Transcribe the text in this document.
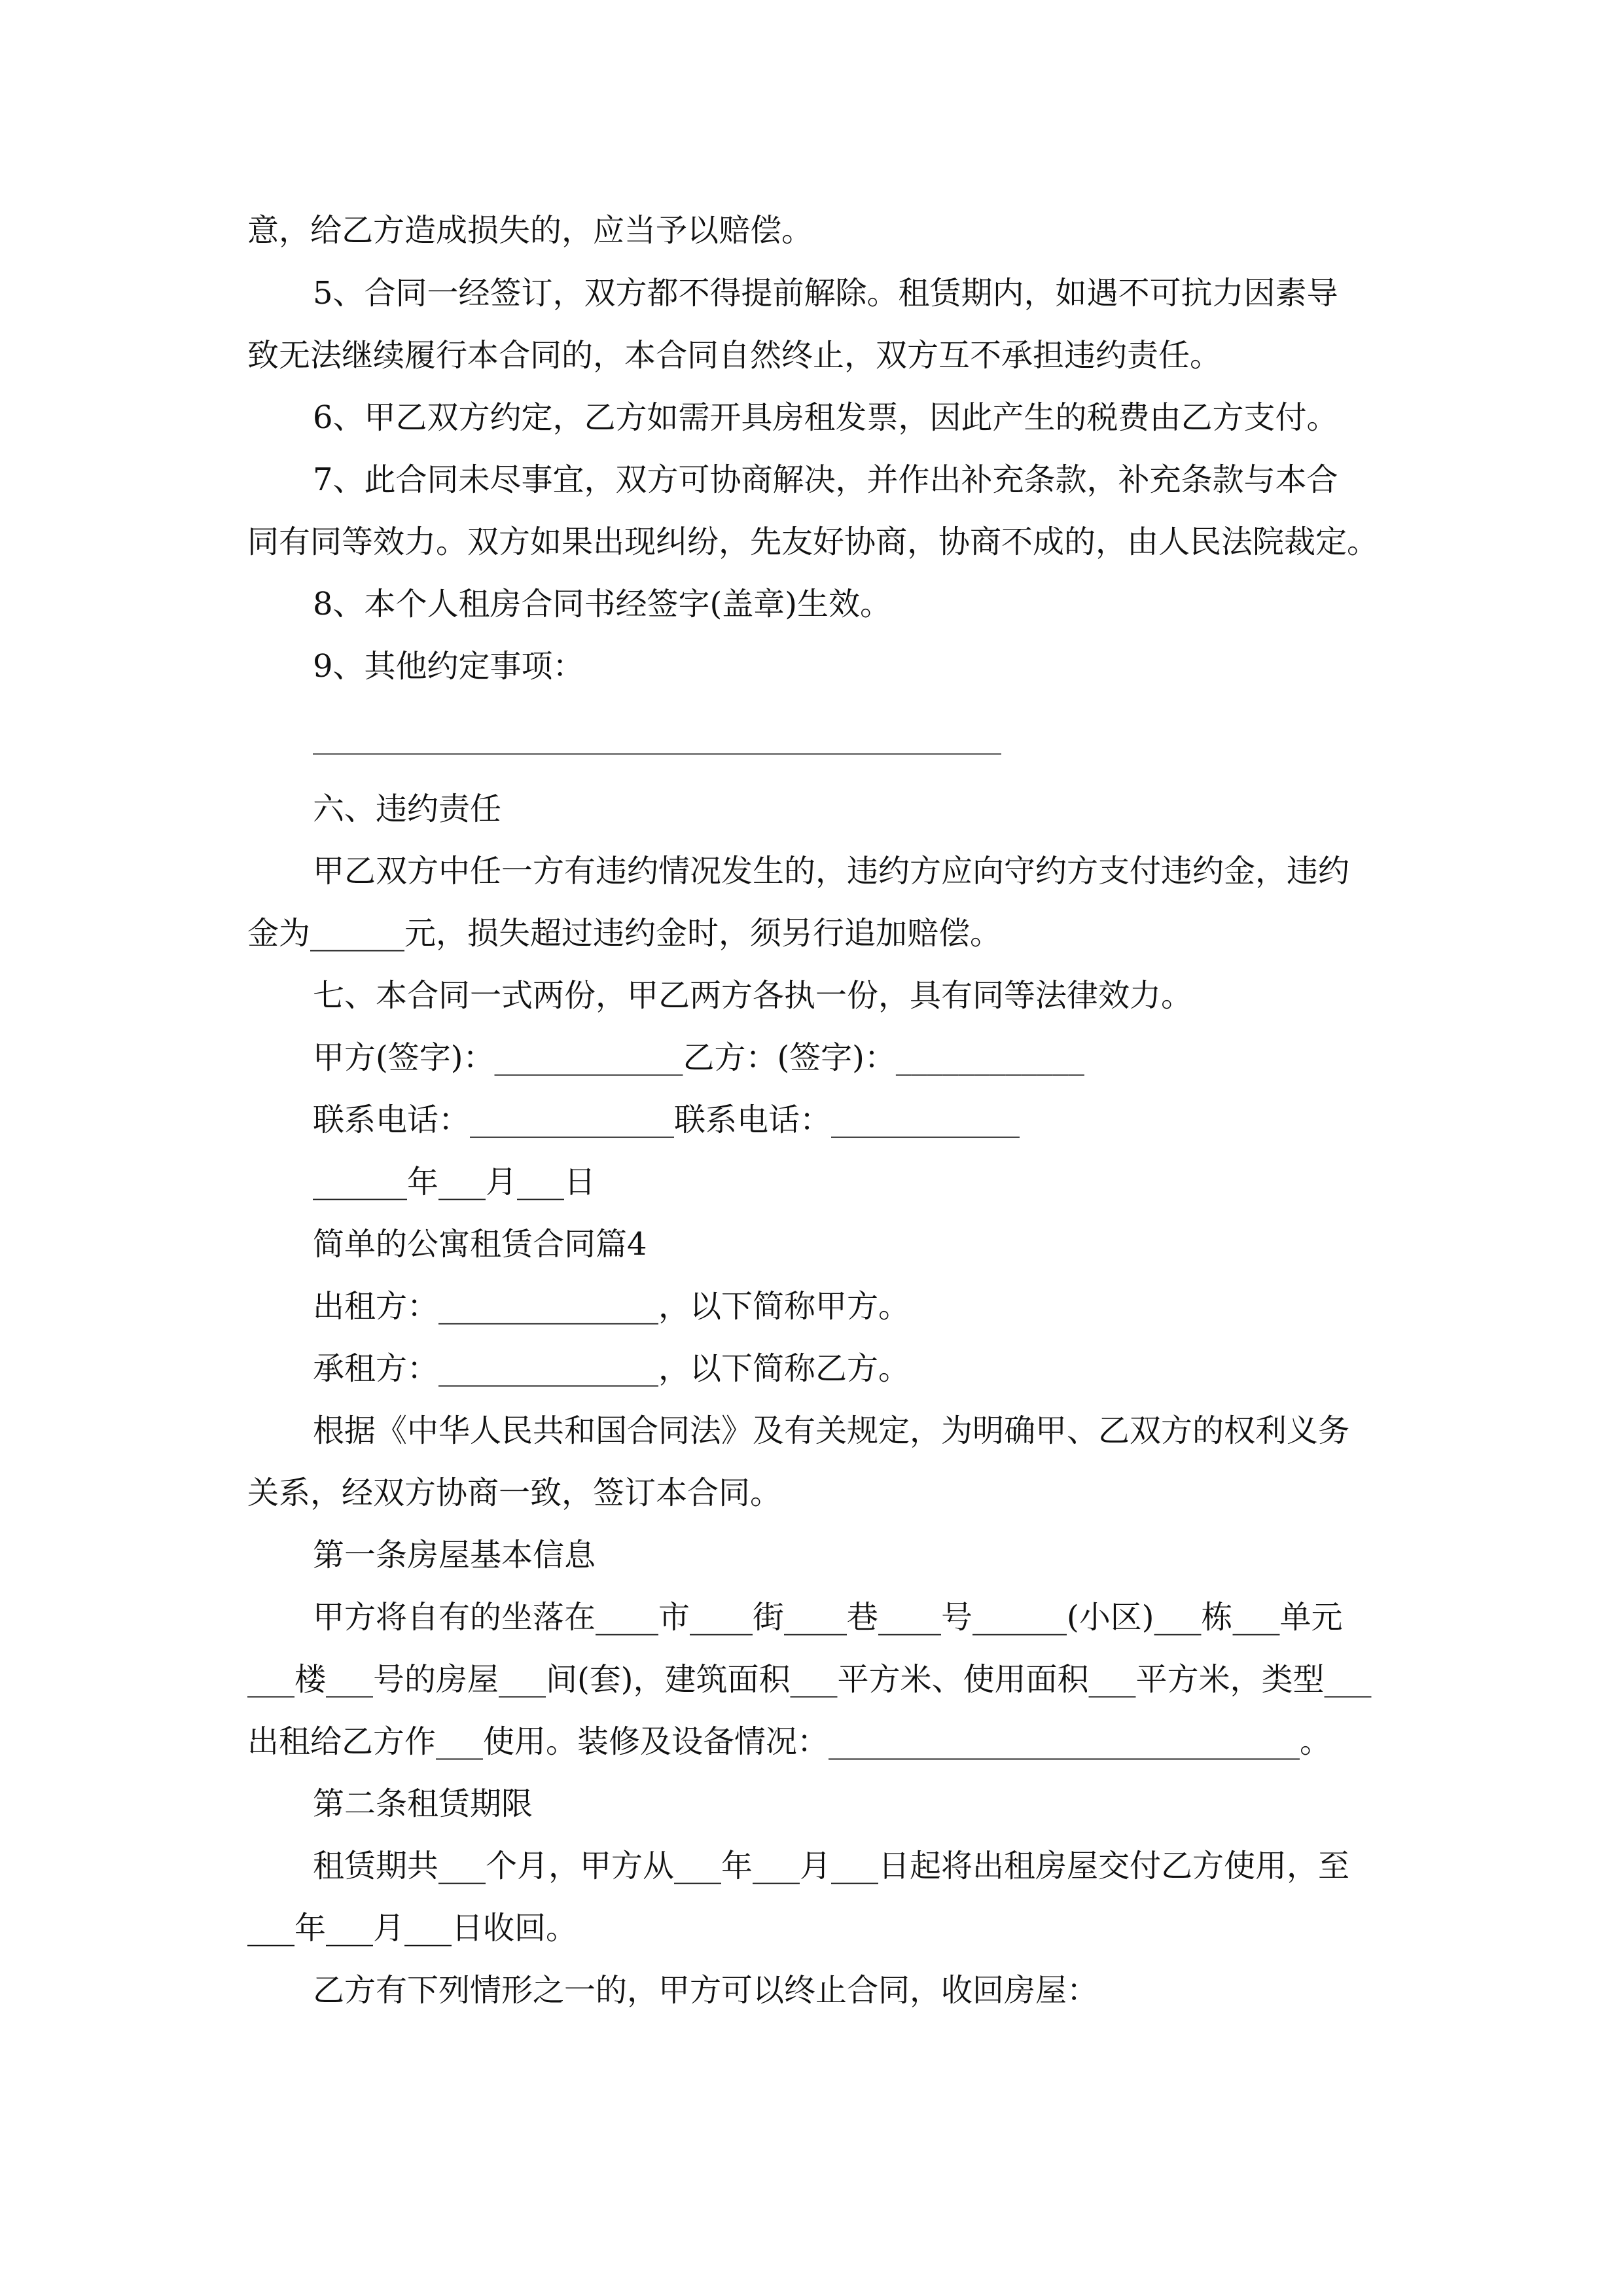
意，给乙方造成损失的，应当予以赔偿。
5、合同一经签订，双方都不得提前解除。租赁期内，如遇不可抗力因素导
致无法继续履行本合同的，本合同自然终止，双方互不承担违约责任。
6、甲乙双方约定，乙方如需开具房租发票，因此产生的税费由乙方支付。
7、此合同未尽事宜，双方可协商解决，并作出补充条款，补充条款与本合
同有同等效力。双方如果出现纠纷，先友好协商，协商不成的，由人民法院裁定。
8、本个人租房合同书经签字(盖章)生效。
9、其他约定事项：
六、违约责任
甲乙双方中任一方有违约情况发生的，违约方应向守约方支付违约金，违约
金为______元，损失超过违约金时，须另行追加赔偿。
七、本合同一式两份，甲乙两方各执一份，具有同等法律效力。
甲方(签字)：____________乙方：(签字)：____________
联系电话：_____________联系电话：____________
______年___月___日
简单的公寓租赁合同篇4
出租方：______________，以下简称甲方。
承租方：______________，以下简称乙方。
根据《中华人民共和国合同法》及有关规定，为明确甲、乙双方的权利义务
关系，经双方协商一致，签订本合同。
第一条房屋基本信息
甲方将自有的坐落在____市____街____巷____号______(小区)___栋___单元
___楼___号的房屋___间(套)，建筑面积___平方米、使用面积___平方米，类型___
出租给乙方作___使用。装修及设备情况：______________________________。
第二条租赁期限
租赁期共___个月，甲方从___年___月___日起将出租房屋交付乙方使用，至
___年___月___日收回。
乙方有下列情形之一的，甲方可以终止合同，收回房屋：
